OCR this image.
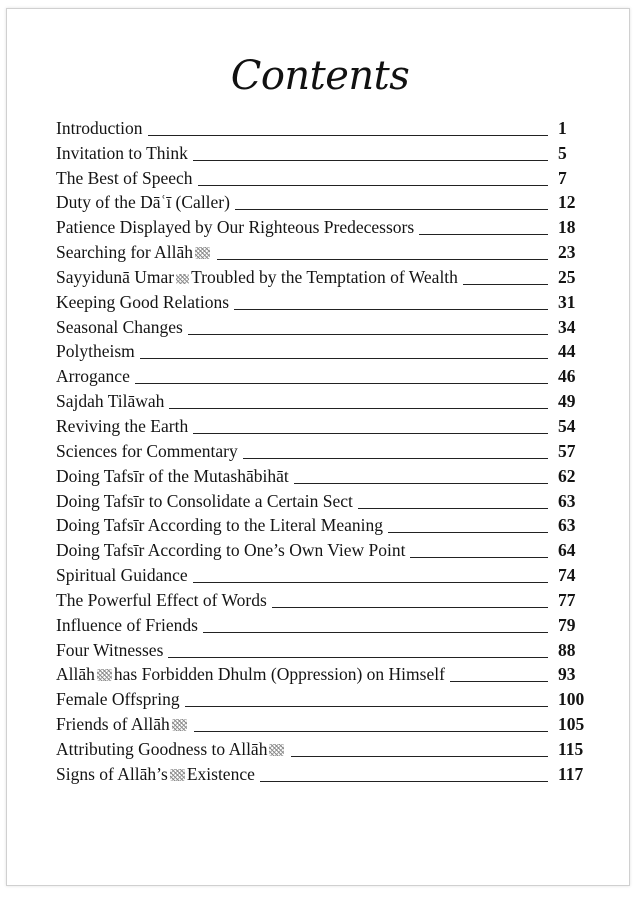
Contents
Introduction	1
Invitation to Think	5
The Best of Speech	7
Duty of the Dāʿī (Caller)	12
Patience Displayed by Our Righteous Predecessors	18
Searching for Allāh	23
Sayyidunā Umar Troubled by the Temptation of Wealth	25
Keeping Good Relations	31
Seasonal Changes	34
Polytheism	44
Arrogance	46
Sajdah Tilāwah	49
Reviving the Earth	54
Sciences for Commentary	57
Doing Tafsīr of the Mutashābihāt	62
Doing Tafsīr to Consolidate a Certain Sect	63
Doing Tafsīr According to the Literal Meaning	63
Doing Tafsīr According to One’s Own View Point	64
Spiritual Guidance	74
The Powerful Effect of Words	77
Influence of Friends	79
Four Witnesses	88
Allāh has Forbidden Dhulm (Oppression) on Himself	93
Female Offspring	100
Friends of Allāh	105
Attributing Goodness to Allāh	115
Signs of Allāh’s Existence	117
